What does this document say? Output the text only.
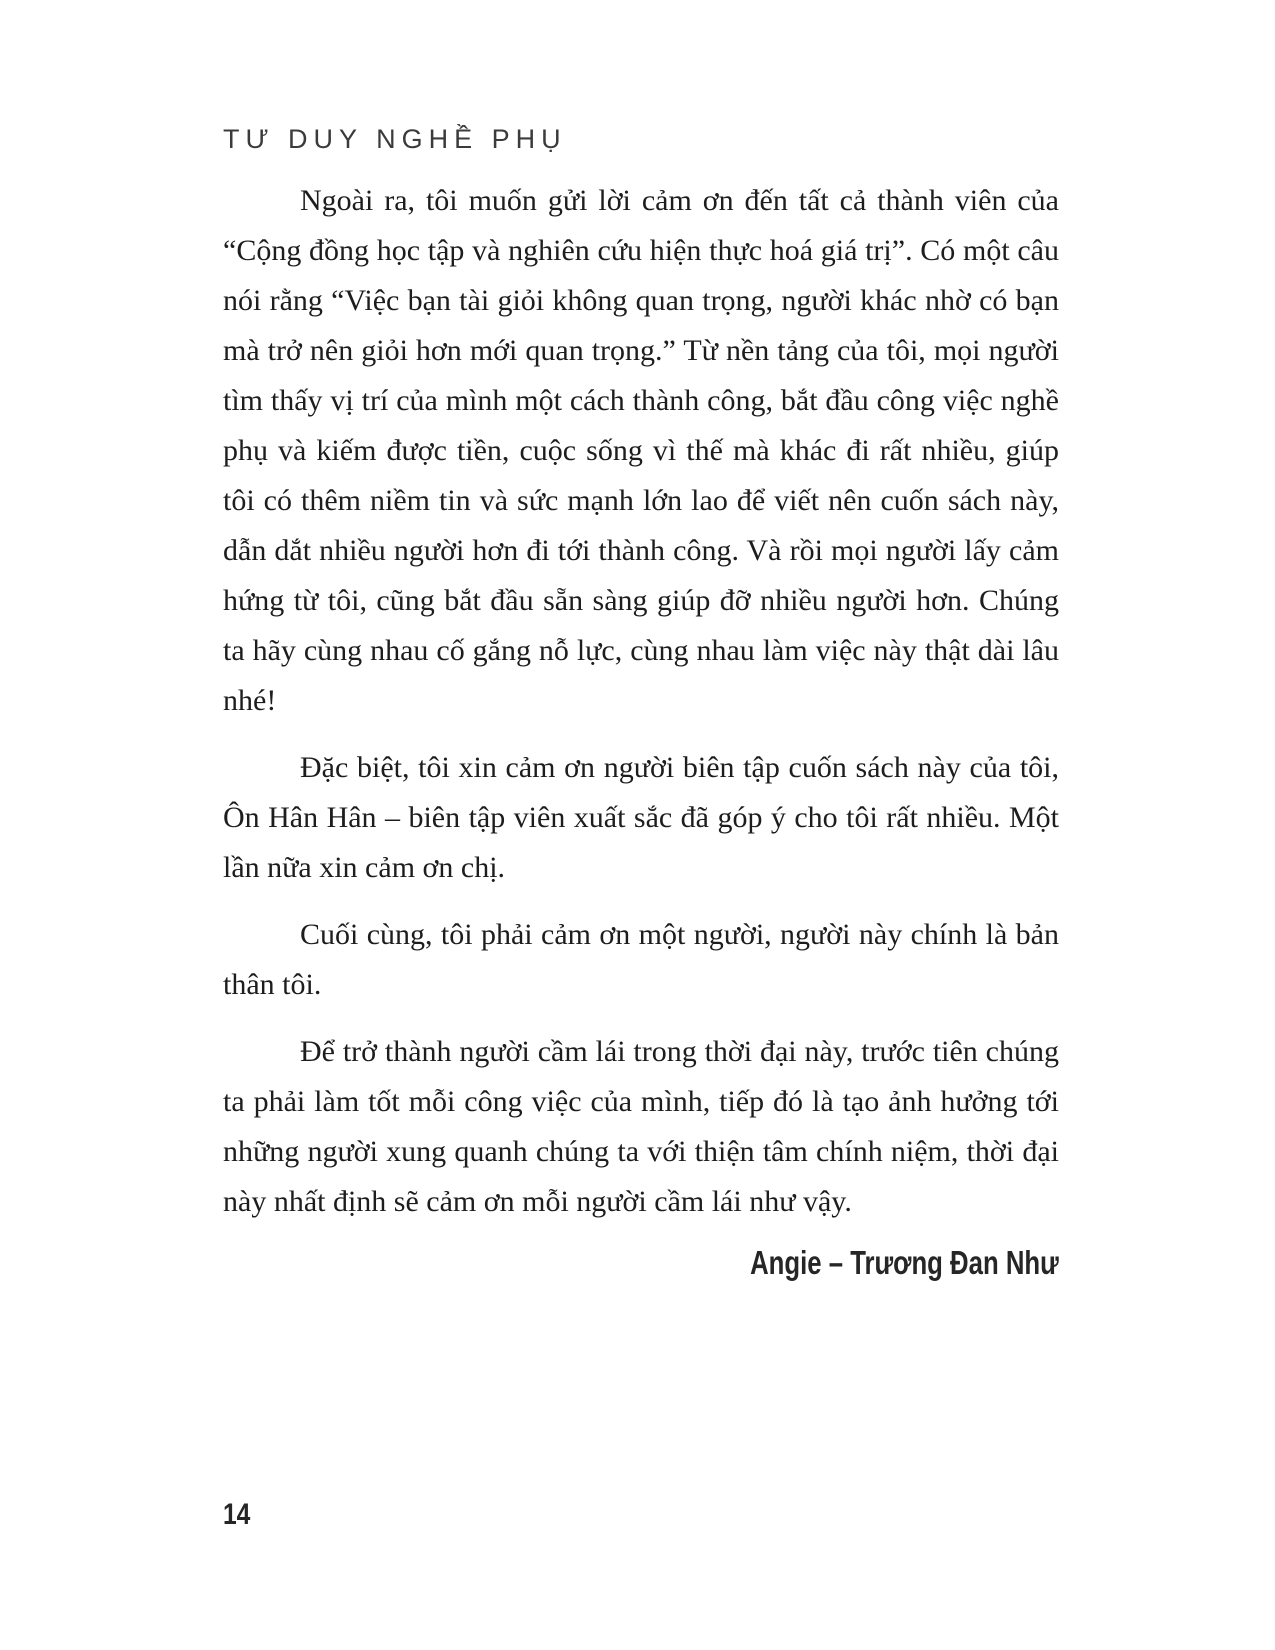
TƯ DUY NGHỀ PHỤ

Ngoài ra, tôi muốn gửi lời cảm ơn đến tất cả thành viên của “Cộng đồng học tập và nghiên cứu hiện thực hoá giá trị”. Có một câu nói rằng “Việc bạn tài giỏi không quan trọng, người khác nhờ có bạn mà trở nên giỏi hơn mới quan trọng.” Từ nền tảng của tôi, mọi người tìm thấy vị trí của mình một cách thành công, bắt đầu công việc nghề phụ và kiếm được tiền, cuộc sống vì thế mà khác đi rất nhiều, giúp tôi có thêm niềm tin và sức mạnh lớn lao để viết nên cuốn sách này, dẫn dắt nhiều người hơn đi tới thành công. Và rồi mọi người lấy cảm hứng từ tôi, cũng bắt đầu sẵn sàng giúp đỡ nhiều người hơn. Chúng ta hãy cùng nhau cố gắng nỗ lực, cùng nhau làm việc này thật dài lâu nhé!

Đặc biệt, tôi xin cảm ơn người biên tập cuốn sách này của tôi, Ôn Hân Hân – biên tập viên xuất sắc đã góp ý cho tôi rất nhiều. Một lần nữa xin cảm ơn chị.

Cuối cùng, tôi phải cảm ơn một người, người này chính là bản thân tôi.

Để trở thành người cầm lái trong thời đại này, trước tiên chúng ta phải làm tốt mỗi công việc của mình, tiếp đó là tạo ảnh hưởng tới những người xung quanh chúng ta với thiện tâm chính niệm, thời đại này nhất định sẽ cảm ơn mỗi người cầm lái như vậy.

Angie – Trương Đan Như
14
